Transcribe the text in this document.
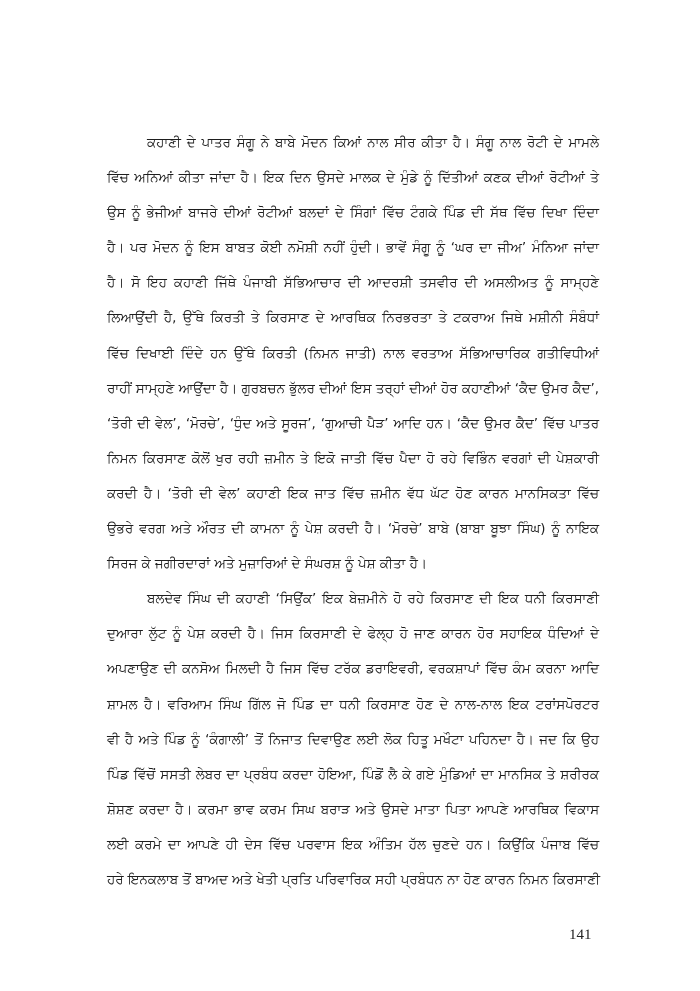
ਕਹਾਣੀ ਦੇ ਪਾਤਰ ਸੰਗੂ ਨੇ ਬਾਬੇ ਮੋਦਨ ਕਿਆਂ ਨਾਲ ਸੀਰ ਕੀਤਾ ਹੈ। ਸੰਗੂ ਨਾਲ ਰੋਟੀ ਦੇ ਮਾਮਲੇ
ਵਿੱਚ ਅਨਿਆਂ ਕੀਤਾ ਜਾਂਦਾ ਹੈ। ਇਕ ਦਿਨ ਉਸਦੇ ਮਾਲਕ ਦੇ ਮੁੰਡੇ ਨੂੰ ਦਿੱਤੀਆਂ ਕਣਕ ਦੀਆਂ ਰੋਟੀਆਂ ਤੇ
ਉਸ ਨੂੰ ਭੇਜੀਆਂ ਬਾਜਰੇ ਦੀਆਂ ਰੋਟੀਆਂ ਬਲਦਾਂ ਦੇ ਸਿੰਗਾਂ ਵਿੱਚ ਟੰਗਕੇ ਪਿੰਡ ਦੀ ਸੱਥ ਵਿੱਚ ਦਿਖਾ ਦਿੰਦਾ
ਹੈ। ਪਰ ਮੋਦਨ ਨੂੰ ਇਸ ਬਾਬਤ ਕੋਈ ਨਮੋਸ਼ੀ ਨਹੀਂ ਹੁੰਦੀ। ਭਾਵੇਂ ਸੰਗੂ ਨੂੰ ‘ਘਰ ਦਾ ਜੀਅ’ ਮੰਨਿਆ ਜਾਂਦਾ
ਹੈ। ਸੋ ਇਹ ਕਹਾਣੀ ਜਿੱਥੇ ਪੰਜਾਬੀ ਸੱਭਿਆਚਾਰ ਦੀ ਆਦਰਸ਼ੀ ਤਸਵੀਰ ਦੀ ਅਸਲੀਅਤ ਨੂੰ ਸਾਮ੍ਹਣੇ
ਲਿਆਉਂਦੀ ਹੈ, ਉੱਥੇ ਕਿਰਤੀ ਤੇ ਕਿਰਸਾਣ ਦੇ ਆਰਥਿਕ ਨਿਰਭਰਤਾ ਤੇ ਟਕਰਾਅ ਜਿਥੇ ਮਸ਼ੀਨੀ ਸੰਬੰਧਾਂ
ਵਿੱਚ ਦਿਖਾਈ ਦਿੰਦੇ ਹਨ ਉੱਥੇ ਕਿਰਤੀ (ਨਿਮਨ ਜਾਤੀ) ਨਾਲ ਵਰਤਾਅ ਸੱਭਿਆਚਾਰਿਕ ਗਤੀਵਿਧੀਆਂ
ਰਾਹੀਂ ਸਾਮ੍ਹਣੇ ਆਉਂਦਾ ਹੈ। ਗੁਰਬਚਨ ਭੁੱਲਰ ਦੀਆਂ ਇਸ ਤਰ੍ਹਾਂ ਦੀਆਂ ਹੋਰ ਕਹਾਣੀਆਂ ‘ਕੈਦ ਉਮਰ ਕੈਦ’,
‘ਤੋਰੀ ਦੀ ਵੇਲ’, ‘ਮੋਰਚੇ’, ‘ਧੁੰਦ ਅਤੇ ਸੂਰਜ’, ‘ਗੁਆਚੀ ਪੈੜ’ ਆਦਿ ਹਨ। ‘ਕੈਦ ਉਮਰ ਕੈਦ’ ਵਿੱਚ ਪਾਤਰ
ਨਿਮਨ ਕਿਰਸਾਣ ਕੋਲੋਂ ਖੁਰ ਰਹੀ ਜ਼ਮੀਨ ਤੇ ਇਕੋ ਜਾਤੀ ਵਿੱਚ ਪੈਦਾ ਹੋ ਰਹੇ ਵਿਭਿੰਨ ਵਰਗਾਂ ਦੀ ਪੇਸ਼ਕਾਰੀ
ਕਰਦੀ ਹੈ। ‘ਤੋਰੀ ਦੀ ਵੇਲ’ ਕਹਾਣੀ ਇਕ ਜਾਤ ਵਿੱਚ ਜ਼ਮੀਨ ਵੱਧ ਘੱਟ ਹੋਣ ਕਾਰਨ ਮਾਨਸਿਕਤਾ ਵਿੱਚ
ਉਭਰੇ ਵਰਗ ਅਤੇ ਔਰਤ ਦੀ ਕਾਮਨਾ ਨੂੰ ਪੇਸ਼ ਕਰਦੀ ਹੈ। ‘ਮੋਰਚੇ’ ਬਾਬੇ (ਬਾਬਾ ਬੂਝਾ ਸਿੰਘ) ਨੂੰ ਨਾਇਕ
ਸਿਰਜ ਕੇ ਜਗੀਰਦਾਰਾਂ ਅਤੇ ਮੁਜ਼ਾਰਿਆਂ ਦੇ ਸੰਘਰਸ਼ ਨੂੰ ਪੇਸ਼ ਕੀਤਾ ਹੈ।
ਬਲਦੇਵ ਸਿੰਘ ਦੀ ਕਹਾਣੀ ‘ਸਿਉਂਕ’ ਇਕ ਬੇਜ਼ਮੀਨੇ ਹੋ ਰਹੇ ਕਿਰਸਾਣ ਦੀ ਇਕ ਧਨੀ ਕਿਰਸਾਣੀ
ਦੁਆਰਾ ਲੁੱਟ ਨੂੰ ਪੇਸ਼ ਕਰਦੀ ਹੈ। ਜਿਸ ਕਿਰਸਾਣੀ ਦੇ ਫੇਲ੍ਹ ਹੋ ਜਾਣ ਕਾਰਨ ਹੋਰ ਸਹਾਇਕ ਧੰਦਿਆਂ ਦੇ
ਅਪਣਾਉਣ ਦੀ ਕਨਸੋਅ ਮਿਲਦੀ ਹੈ ਜਿਸ ਵਿੱਚ ਟਰੱਕ ਡਰਾਇਵਰੀ, ਵਰਕਸ਼ਾਪਾਂ ਵਿੱਚ ਕੰਮ ਕਰਨਾ ਆਦਿ
ਸ਼ਾਮਲ ਹੈ। ਵਰਿਆਮ ਸਿੰਘ ਗਿੱਲ ਜੋ ਪਿੰਡ ਦਾ ਧਨੀ ਕਿਰਸਾਣ ਹੋਣ ਦੇ ਨਾਲ-ਨਾਲ ਇਕ ਟਰਾਂਸਪੋਰਟਰ
ਵੀ ਹੈ ਅਤੇ ਪਿੰਡ ਨੂੰ ‘ਕੰਗਾਲੀ’ ਤੋਂ ਨਿਜਾਤ ਦਿਵਾਉਣ ਲਈ ਲੋਕ ਹਿਤੂ ਮਖੌਟਾ ਪਹਿਨਦਾ ਹੈ। ਜਦ ਕਿ ਉਹ
ਪਿੰਡ ਵਿੱਚੋਂ ਸਸਤੀ ਲੇਬਰ ਦਾ ਪ੍ਰਬੰਧ ਕਰਦਾ ਹੋਇਆ, ਪਿੰਡੋਂ ਲੈ ਕੇ ਗਏ ਮੁੰਡਿਆਂ ਦਾ ਮਾਨਸਿਕ ਤੇ ਸ਼ਰੀਰਕ
ਸ਼ੋਸ਼ਣ ਕਰਦਾ ਹੈ। ਕਰਮਾ ਭਾਵ ਕਰਮ ਸਿਘ ਬਰਾੜ ਅਤੇ ਉਸਦੇ ਮਾਤਾ ਪਿਤਾ ਆਪਣੇ ਆਰਥਿਕ ਵਿਕਾਸ
ਲਈ ਕਰਮੇ ਦਾ ਆਪਣੇ ਹੀ ਦੇਸ ਵਿੱਚ ਪਰਵਾਸ ਇਕ ਅੰਤਿਮ ਹੱਲ ਚੁਣਦੇ ਹਨ। ਕਿਉਂਕਿ ਪੰਜਾਬ ਵਿੱਚ
ਹਰੇ ਇਨਕਲਾਬ ਤੋਂ ਬਾਅਦ ਅਤੇ ਖੇਤੀ ਪ੍ਰਤਿ ਪਰਿਵਾਰਿਕ ਸਹੀ ਪ੍ਰਬੰਧਨ ਨਾ ਹੋਣ ਕਾਰਨ ਨਿਮਨ ਕਿਰਸਾਣੀ
141
